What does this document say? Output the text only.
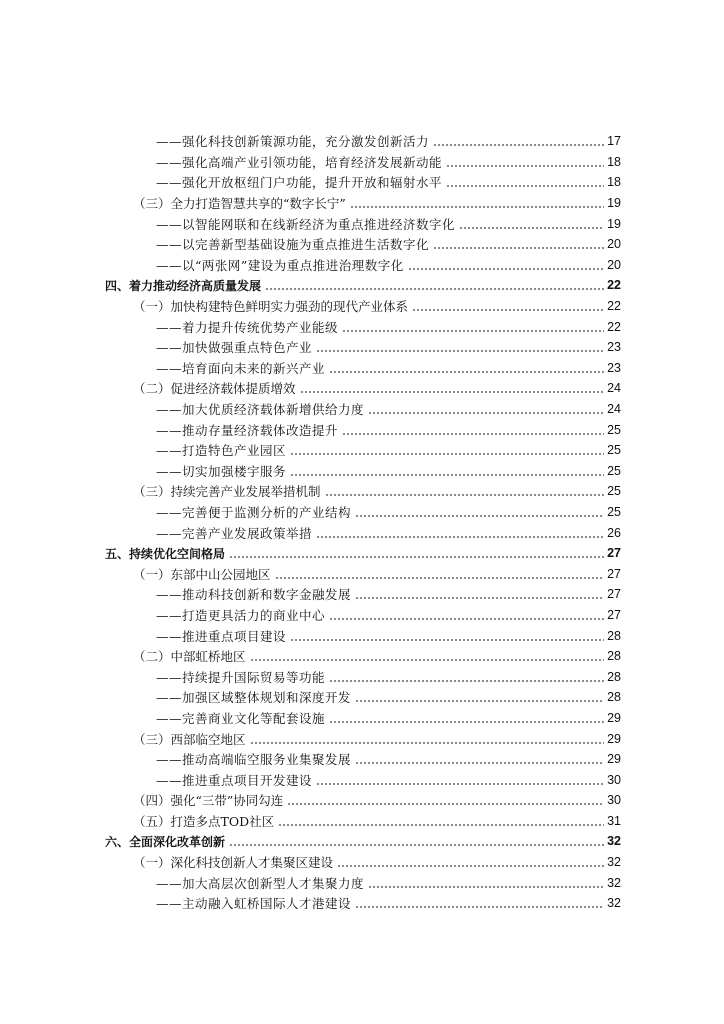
——强化科技创新策源功能，充分激发创新活力	17
——强化高端产业引领功能，培育经济发展新动能	18
——强化开放枢纽门户功能，提升开放和辐射水平	18
（三）全力打造智慧共享的“数字长宁”	19
——以智能网联和在线新经济为重点推进经济数字化	19
——以完善新型基础设施为重点推进生活数字化	20
——以“两张网”建设为重点推进治理数字化	20
四、着力推动经济高质量发展	22
（一）加快构建特色鲜明实力强劲的现代产业体系	22
——着力提升传统优势产业能级	22
——加快做强重点特色产业	23
——培育面向未来的新兴产业	23
（二）促进经济载体提质增效	24
——加大优质经济载体新增供给力度	24
——推动存量经济载体改造提升	25
——打造特色产业园区	25
——切实加强楼宇服务	25
（三）持续完善产业发展举措机制	25
——完善便于监测分析的产业结构	25
——完善产业发展政策举措	26
五、持续优化空间格局	27
（一）东部中山公园地区	27
——推动科技创新和数字金融发展	27
——打造更具活力的商业中心	27
——推进重点项目建设	28
（二）中部虹桥地区	28
——持续提升国际贸易等功能	28
——加强区域整体规划和深度开发	28
——完善商业文化等配套设施	29
（三）西部临空地区	29
——推动高端临空服务业集聚发展	29
——推进重点项目开发建设	30
（四）强化“三带”协同勾连	30
（五）打造多点TOD社区	31
六、全面深化改革创新	32
（一）深化科技创新人才集聚区建设	32
——加大高层次创新型人才集聚力度	32
——主动融入虹桥国际人才港建设	32
